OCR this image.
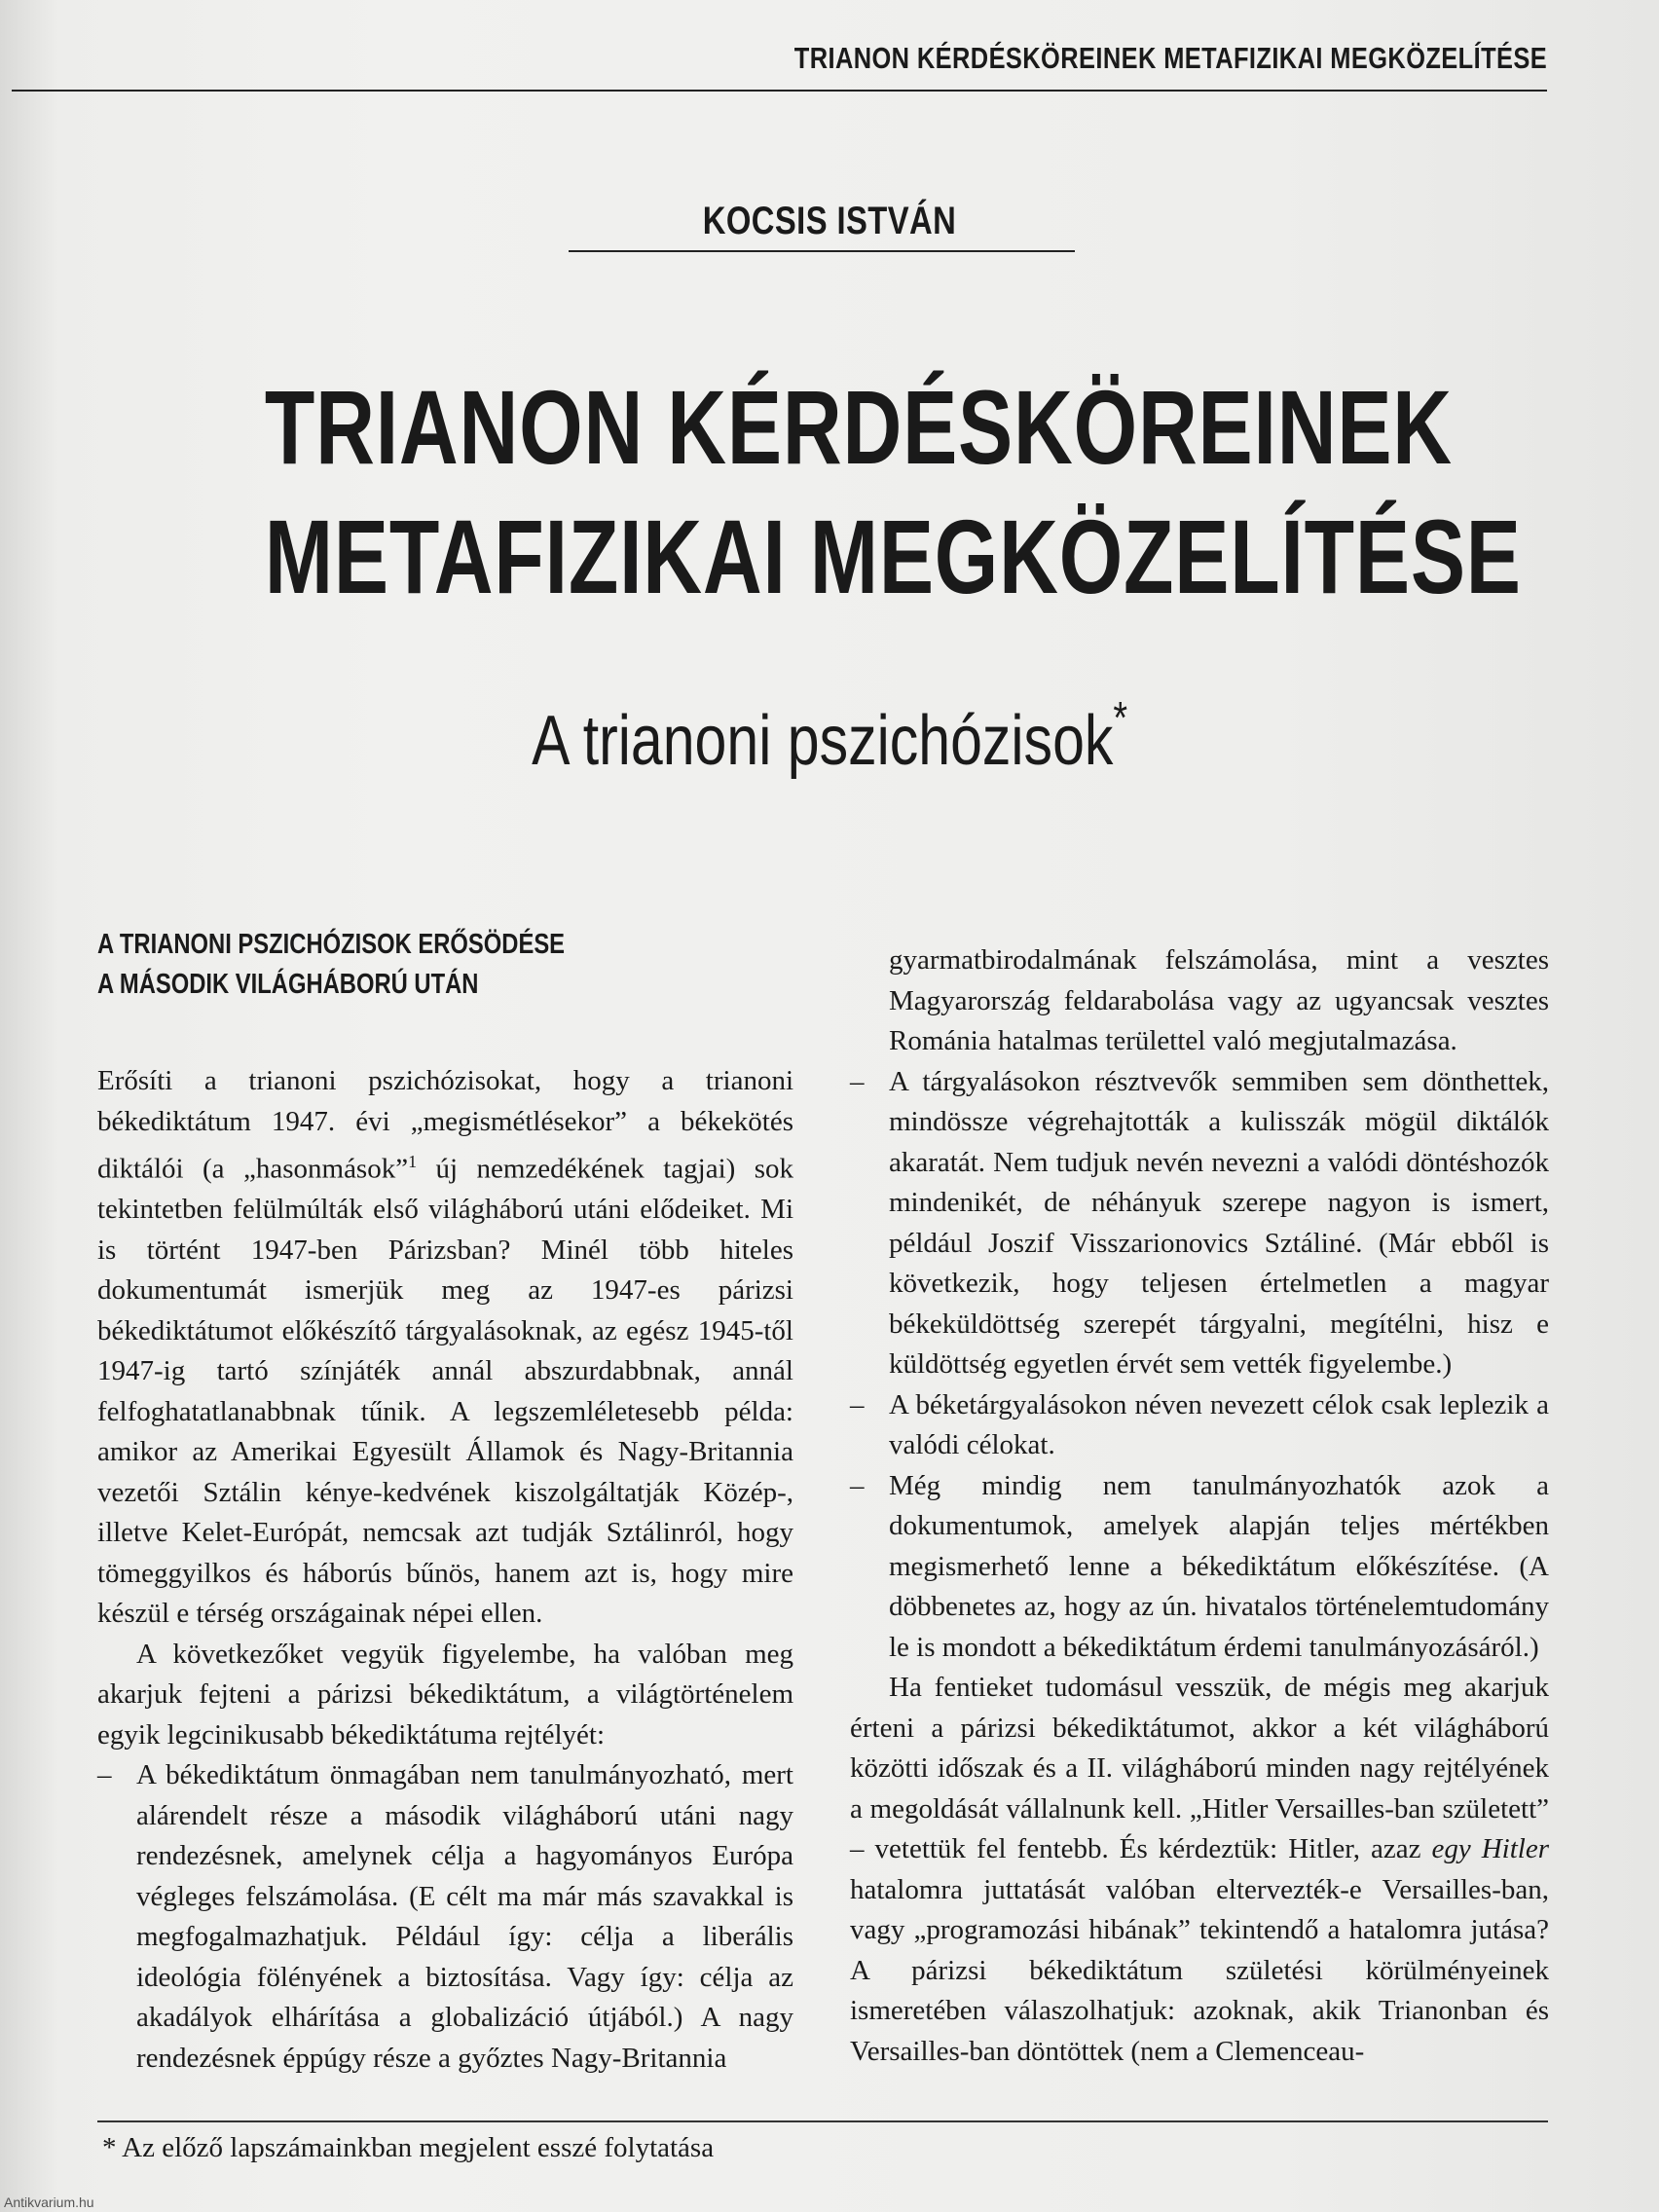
TRIANON KÉRDÉSKÖREINEK METAFIZIKAI MEGKÖZELÍTÉSE
KOCSIS ISTVÁN
TRIANON KÉRDÉSKÖREINEK
METAFIZIKAI MEGKÖZELÍTÉSE
A trianoni pszichózisok*
A TRIANONI PSZICHÓZISOK ERŐSÖDÉSE
A MÁSODIK VILÁGHÁBORÚ UTÁN

Erősíti a trianoni pszichózisokat, hogy a trianoni békediktátum 1947. évi „megismétlésekor” a békekötés diktálói (a „hasonmások”$^1$ új nemzedékének tagjai) sok tekintetben felülmúlták első világháború utáni elődeiket. Mi is történt 1947-ben Párizsban? Minél több hiteles dokumentumát ismerjük meg az 1947-es párizsi békediktátumot előkészítő tárgyalásoknak, az egész 1945-től 1947-ig tartó színjáték annál abszurdabbnak, annál felfoghatatlanabbnak tűnik. A legszemléletesebb példa: amikor az Amerikai Egyesült Államok és Nagy-Britannia vezetői Sztálin kénye-kedvének kiszolgáltatják Közép-, illetve Kelet-Európát, nemcsak azt tudják Sztálinról, hogy tömeggyilkos és háborús bűnös, hanem azt is, hogy mire készül e térség országainak népei ellen.

A következőket vegyük figyelembe, ha valóban meg akarjuk fejteni a párizsi békediktátum, a világtörténelem egyik legcinikusabb békediktátuma rejtélyét:

– A békediktátum önmagában nem tanulmányozható, mert alárendelt része a második világháború utáni nagy rendezésnek, amelynek célja a hagyományos Európa végleges felszámolása. (E célt ma már más szavakkal is megfogalmazhatjuk. Például így: célja a liberális ideológia fölényének a biztosítása. Vagy így: célja az akadályok elhárítása a globalizáció útjából.) A nagy rendezésnek éppúgy része a győztes Nagy-Britannia
gyarmatbirodalmának felszámolása, mint a vesztes Magyarország feldarabolása vagy az ugyancsak vesztes Románia hatalmas területtel való megjutalmazása.
– A tárgyalásokon résztvevők semmiben sem dönthettek, mindössze végrehajtották a kulisszák mögül diktálók akaratát. Nem tudjuk nevén nevezni a valódi döntéshozók mindenikét, de néhányuk szerepe nagyon is ismert, például Joszif Visszarionovics Sztáliné. (Már ebből is következik, hogy teljesen értelmetlen a magyar békeküldöttség szerepét tárgyalni, megítélni, hisz e küldöttség egyetlen érvét sem vették figyelembe.)
– A béketárgyalásokon néven nevezett célok csak leplezik a valódi célokat.
– Még mindig nem tanulmányozhatók azok a dokumentumok, amelyek alapján teljes mértékben megismerhető lenne a békediktátum előkészítése. (A döbbenetes az, hogy az ún. hivatalos történelemtudomány le is mondott a békediktátum érdemi tanulmányozásáról.)

Ha fentieket tudomásul vesszük, de mégis meg akarjuk érteni a párizsi békediktátumot, akkor a két világháború közötti időszak és a II. világháború minden nagy rejtélyének a megoldását vállalnunk kell. „Hitler Versailles-ban született” – vetettük fel fentebb. És kérdeztük: Hitler, azaz egy Hitler hatalomra juttatását valóban eltervezték-e Versailles-ban, vagy „programozási hibának” tekintendő a hatalomra jutása? A párizsi békediktátum születési körülményeinek ismeretében válaszolhatjuk: azoknak, akik Trianonban és Versailles-ban döntöttek (nem a Clemenceau-

* Az előző lapszámainkban megjelent esszé folytatása
Antikvarium.hu
